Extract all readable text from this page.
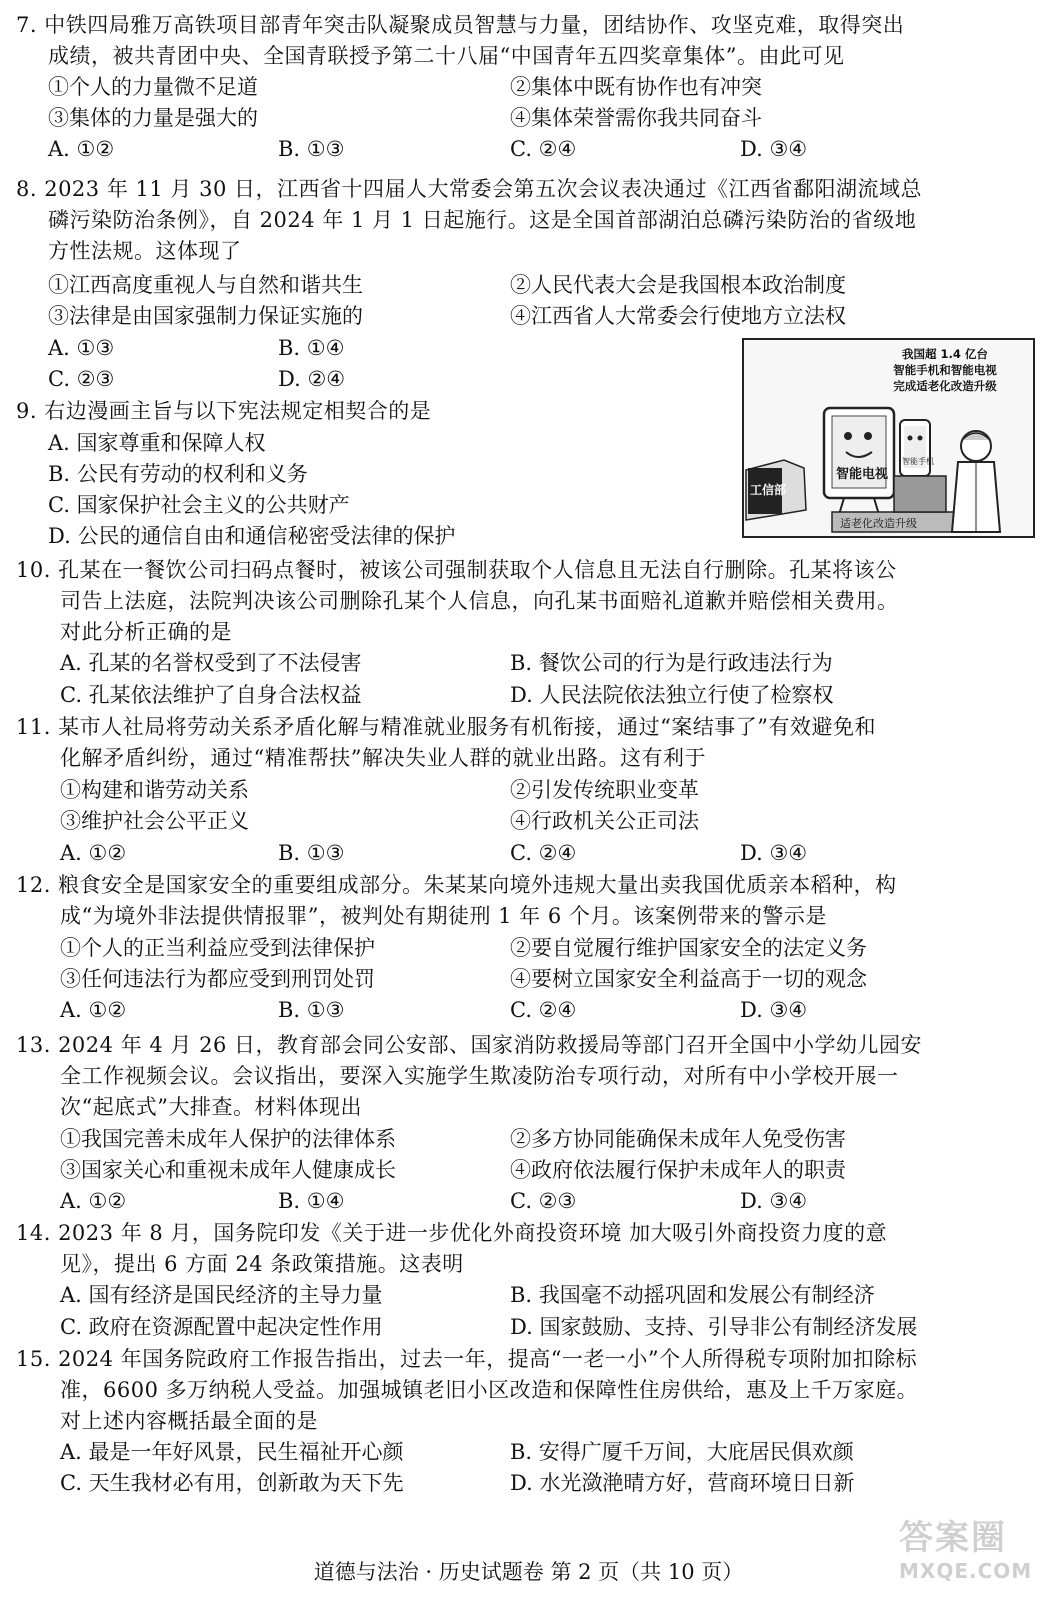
7. 中铁四局雅万高铁项目部青年突击队凝聚成员智慧与力量，团结协作、攻坚克难，取得突出
成绩，被共青团中央、全国青联授予第二十八届“中国青年五四奖章集体”。由此可见
①个人的力量微不足道	②集体中既有协作也有冲突
③集体的力量是强大的	④集体荣誉需你我共同奋斗
A. ①②	B. ①③	C. ②④	D. ③④
8. 2023 年 11 月 30 日，江西省十四届人大常委会第五次会议表决通过《江西省鄱阳湖流域总
磷污染防治条例》，自 2024 年 1 月 1 日起施行。这是全国首部湖泊总磷污染防治的省级地
方性法规。这体现了
①江西高度重视人与自然和谐共生	②人民代表大会是我国根本政治制度
③法律是由国家强制力保证实施的	④江西省人大常委会行使地方立法权
A. ①③	B. ①④
C. ②③	D. ②④
9. 右边漫画主旨与以下宪法规定相契合的是
A. 国家尊重和保障人权
B. 公民有劳动的权利和义务
C. 国家保护社会主义的公共财产
D. 公民的通信自由和通信秘密受法律的保护
我国超 1.4 亿台
智能手机和智能电视
完成适老化改造升级
智能电视
智能手机
工信部
适老化改造升级
10. 孔某在一餐饮公司扫码点餐时，被该公司强制获取个人信息且无法自行删除。孔某将该公
司告上法庭，法院判决该公司删除孔某个人信息，向孔某书面赔礼道歉并赔偿相关费用。
对此分析正确的是
A. 孔某的名誉权受到了不法侵害	B. 餐饮公司的行为是行政违法行为
C. 孔某依法维护了自身合法权益	D. 人民法院依法独立行使了检察权
11. 某市人社局将劳动关系矛盾化解与精准就业服务有机衔接，通过“案结事了”有效避免和
化解矛盾纠纷，通过“精准帮扶”解决失业人群的就业出路。这有利于
①构建和谐劳动关系	②引发传统职业变革
③维护社会公平正义	④行政机关公正司法
A. ①②	B. ①③	C. ②④	D. ③④
12. 粮食安全是国家安全的重要组成部分。朱某某向境外违规大量出卖我国优质亲本稻种，构
成“为境外非法提供情报罪”，被判处有期徒刑 1 年 6 个月。该案例带来的警示是
①个人的正当利益应受到法律保护	②要自觉履行维护国家安全的法定义务
③任何违法行为都应受到刑罚处罚	④要树立国家安全利益高于一切的观念
A. ①②	B. ①③	C. ②④	D. ③④
13. 2024 年 4 月 26 日，教育部会同公安部、国家消防救援局等部门召开全国中小学幼儿园安
全工作视频会议。会议指出，要深入实施学生欺凌防治专项行动，对所有中小学校开展一
次“起底式”大排查。材料体现出
①我国完善未成年人保护的法律体系	②多方协同能确保未成年人免受伤害
③国家关心和重视未成年人健康成长	④政府依法履行保护未成年人的职责
A. ①②	B. ①④	C. ②③	D. ③④
14. 2023 年 8 月，国务院印发《关于进一步优化外商投资环境 加大吸引外商投资力度的意
见》，提出 6 方面 24 条政策措施。这表明
A. 国有经济是国民经济的主导力量	B. 我国毫不动摇巩固和发展公有制经济
C. 政府在资源配置中起决定性作用	D. 国家鼓励、支持、引导非公有制经济发展
15. 2024 年国务院政府工作报告指出，过去一年，提高“一老一小”个人所得税专项附加扣除标
准，6600 多万纳税人受益。加强城镇老旧小区改造和保障性住房供给，惠及上千万家庭。
对上述内容概括最全面的是
A. 最是一年好风景，民生福祉开心颜	B. 安得广厦千万间，大庇居民俱欢颜
C. 天生我材必有用，创新敢为天下先	D. 水光潋滟晴方好，营商环境日日新
道德与法治 · 历史试题卷 第 2 页（共 10 页）
答案圈
MXQE.COM
